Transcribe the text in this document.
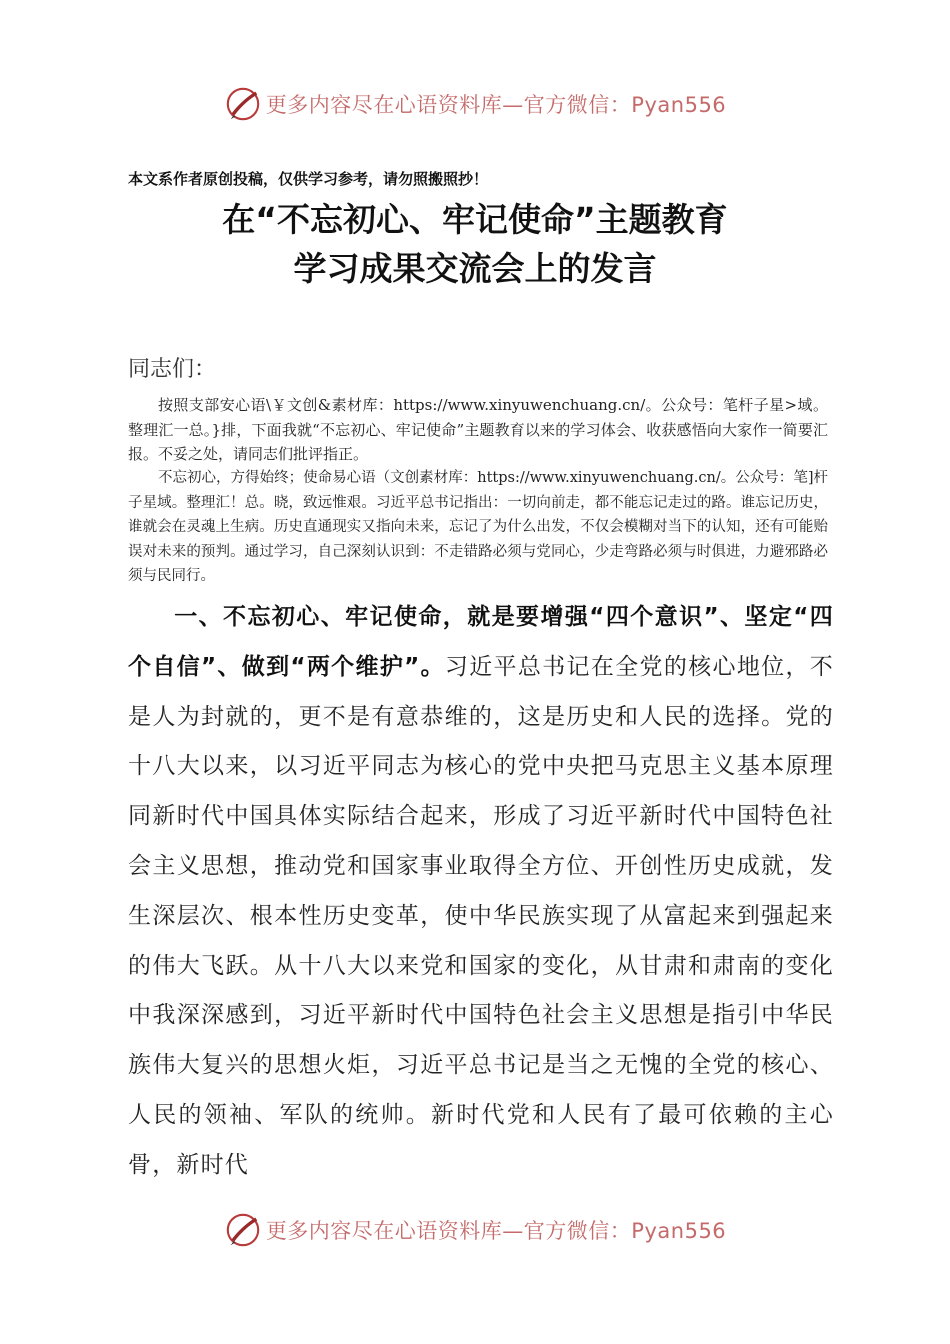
更多内容尽在心语资料库—官方微信：Pyan556
本文系作者原创投稿，仅供学习参考，请勿照搬照抄！
在“不忘初心、牢记使命”主题教育
学习成果交流会上的发言
同志们：
按照支部安心语\￥文创&素材库：https://www.xinyuwenchuang.cn/。公众号：笔杆子星>域。整理汇一总。}排，下面我就“不忘初心、牢记使命”主题教育以来的学习体会、收获感悟向大家作一简要汇报。不妥之处，请同志们批评指正。
不忘初心，方得始终；使命易心语（文创素材库：https://www.xinyuwenchuang.cn/。公众号：笔]杆子星域。整理汇！总。晓，致远惟艰。习近平总书记指出：一切向前走，都不能忘记走过的路。谁忘记历史，谁就会在灵魂上生病。历史直通现实又指向未来，忘记了为什么出发，不仅会模糊对当下的认知，还有可能贻误对未来的预判。通过学习，自己深刻认识到：不走错路必须与党同心，少走弯路必须与时俱进，力避邪路必须与民同行。
一、不忘初心、牢记使命，就是要增强“四个意识”、坚定“四个自信”、做到“两个维护”。习近平总书记在全党的核心地位，不是人为封就的，更不是有意恭维的，这是历史和人民的选择。党的十八大以来，以习近平同志为核心的党中央把马克思主义基本原理同新时代中国具体实际结合起来，形成了习近平新时代中国特色社会主义思想，推动党和国家事业取得全方位、开创性历史成就，发生深层次、根本性历史变革，使中华民族实现了从富起来到强起来的伟大飞跃。从十八大以来党和国家的变化，从甘肃和肃南的变化中我深深感到，习近平新时代中国特色社会主义思想是指引中华民族伟大复兴的思想火炬，习近平总书记是当之无愧的全党的核心、人民的领袖、军队的统帅。新时代党和人民有了最可依赖的主心骨，新时代
更多内容尽在心语资料库—官方微信：Pyan556
